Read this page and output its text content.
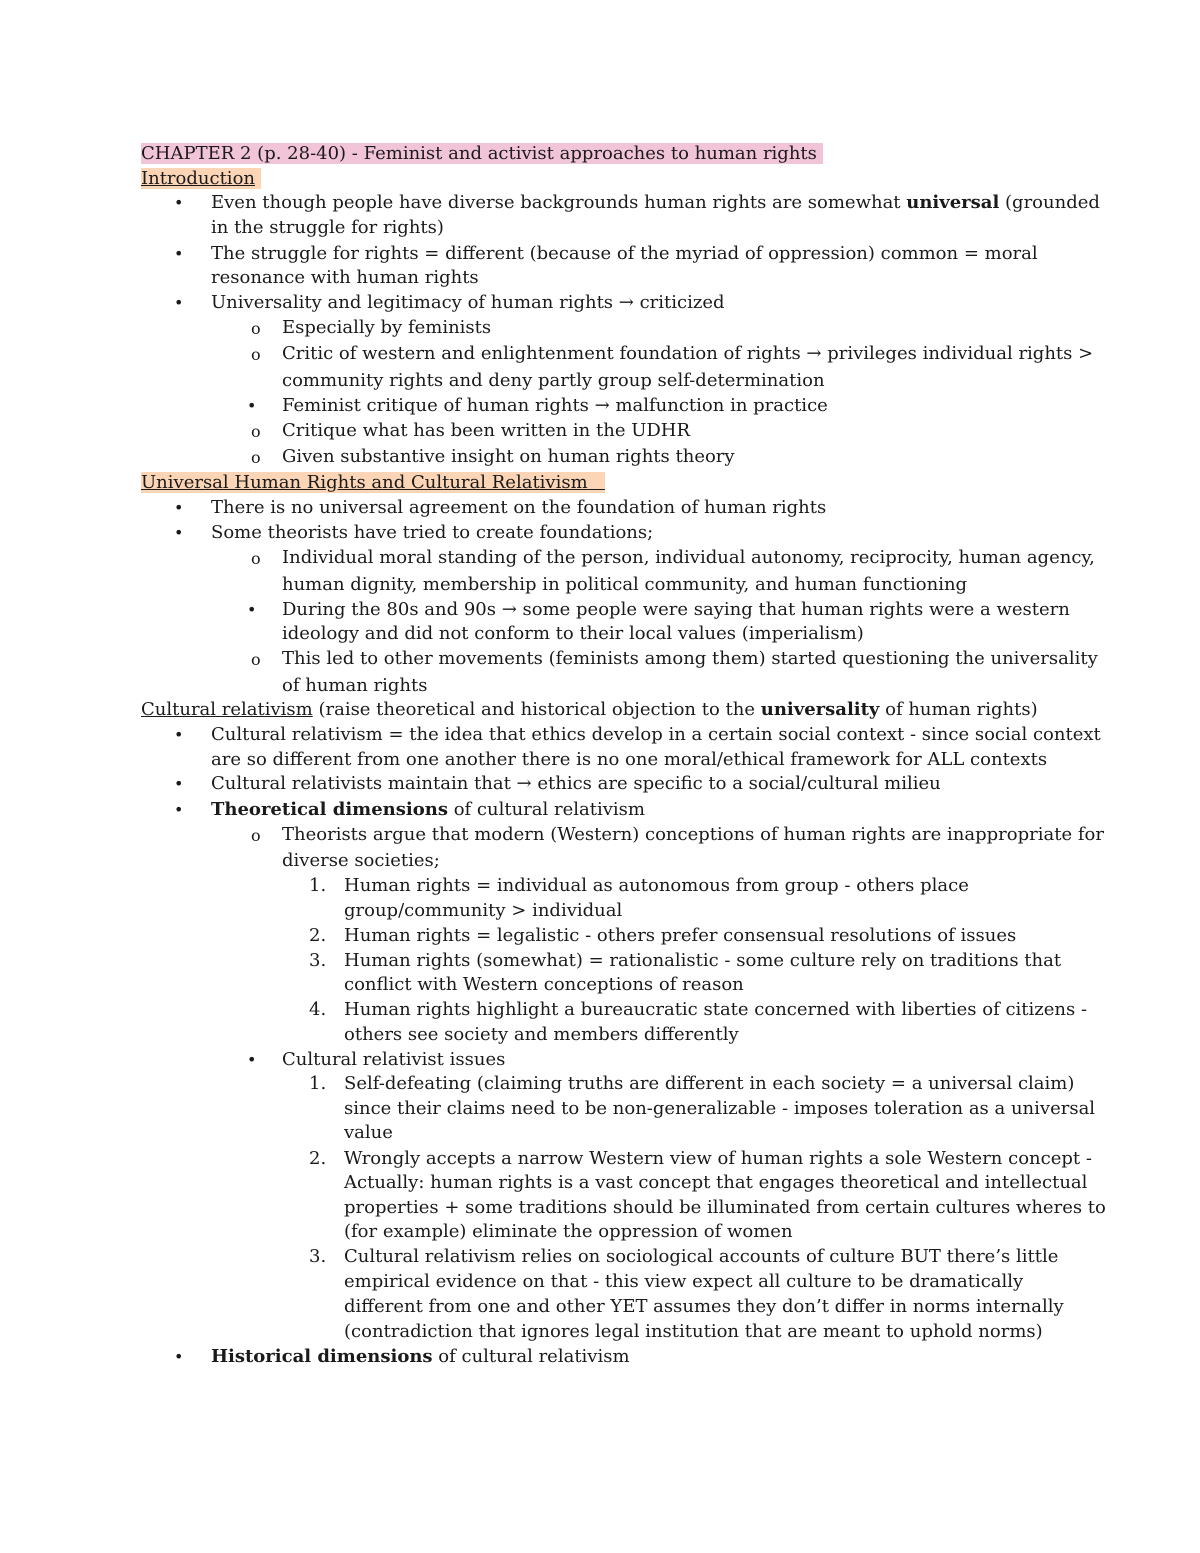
CHAPTER 2 (p. 28-40) - Feminist and activist approaches to human rights
Introduction
• Even though people have diverse backgrounds human rights are somewhat universal (grounded
in the struggle for rights)
• The struggle for rights = different (because of the myriad of oppression) common = moral
resonance with human rights
• Universality and legitimacy of human rights → criticized
o Especially by feminists
o Critic of western and enlightenment foundation of rights → privileges individual rights >
community rights and deny partly group self-determination
• Feminist critique of human rights → malfunction in practice
o Critique what has been written in the UDHR
o Given substantive insight on human rights theory
Universal Human Rights and Cultural Relativism
• There is no universal agreement on the foundation of human rights
• Some theorists have tried to create foundations;
o Individual moral standing of the person, individual autonomy, reciprocity, human agency,
human dignity, membership in political community, and human functioning
• During the 80s and 90s → some people were saying that human rights were a western
ideology and did not conform to their local values (imperialism)
o This led to other movements (feminists among them) started questioning the universality
of human rights
Cultural relativism (raise theoretical and historical objection to the universality of human rights)
• Cultural relativism = the idea that ethics develop in a certain social context - since social context
are so different from one another there is no one moral/ethical framework for ALL contexts
• Cultural relativists maintain that → ethics are specific to a social/cultural milieu
• Theoretical dimensions of cultural relativism
o Theorists argue that modern (Western) conceptions of human rights are inappropriate for
diverse societies;
1. Human rights = individual as autonomous from group - others place
group/community > individual
2. Human rights = legalistic - others prefer consensual resolutions of issues
3. Human rights (somewhat) = rationalistic - some culture rely on traditions that
conflict with Western conceptions of reason
4. Human rights highlight a bureaucratic state concerned with liberties of citizens -
others see society and members differently
• Cultural relativist issues
1. Self-defeating (claiming truths are different in each society = a universal claim)
since their claims need to be non-generalizable - imposes toleration as a universal
value
2. Wrongly accepts a narrow Western view of human rights a sole Western concept -
Actually: human rights is a vast concept that engages theoretical and intellectual
properties + some traditions should be illuminated from certain cultures wheres to
(for example) eliminate the oppression of women
3. Cultural relativism relies on sociological accounts of culture BUT there’s little
empirical evidence on that - this view expect all culture to be dramatically
different from one and other YET assumes they don’t differ in norms internally
(contradiction that ignores legal institution that are meant to uphold norms)
• Historical dimensions of cultural relativism
